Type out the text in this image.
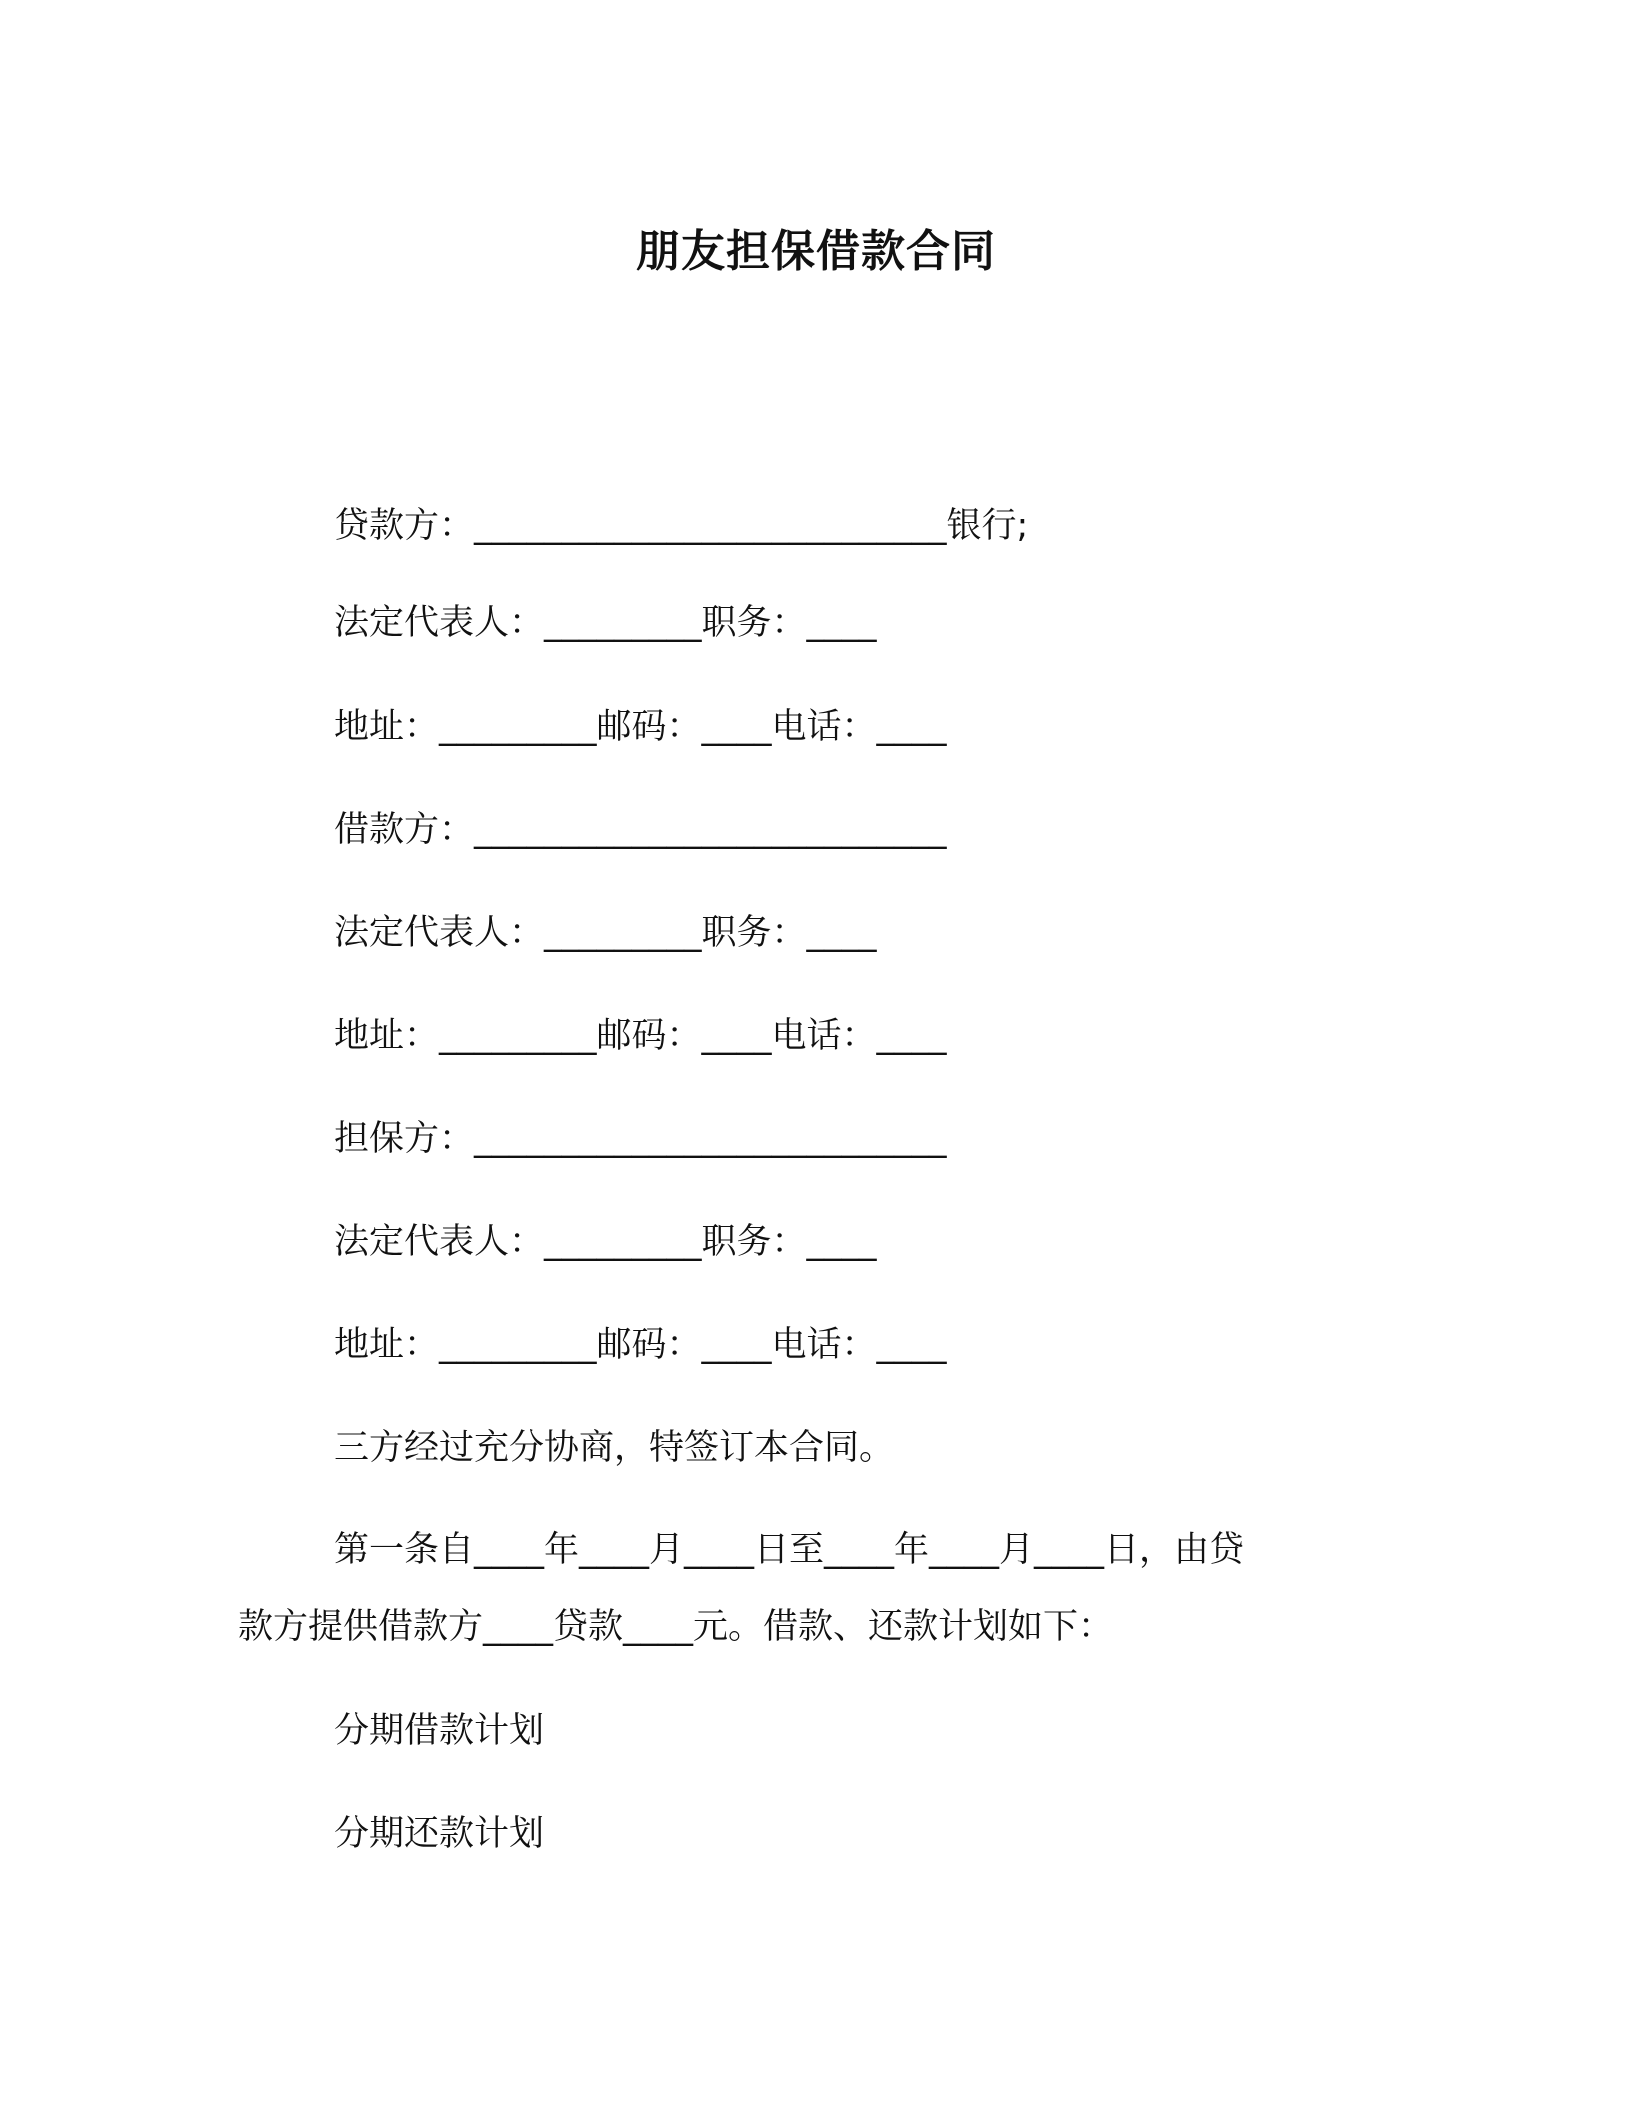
朋友担保借款合同
贷款方：___________________________银行;
法定代表人：_________职务：____
地址：_________邮码：____电话：____
借款方：___________________________
法定代表人：_________职务：____
地址：_________邮码：____电话：____
担保方：___________________________
法定代表人：_________职务：____
地址：_________邮码：____电话：____
三方经过充分协商，特签订本合同。
第一条自____年____月____日至____年____月____日，由贷
款方提供借款方____贷款____元。借款、还款计划如下：
分期借款计划
分期还款计划
